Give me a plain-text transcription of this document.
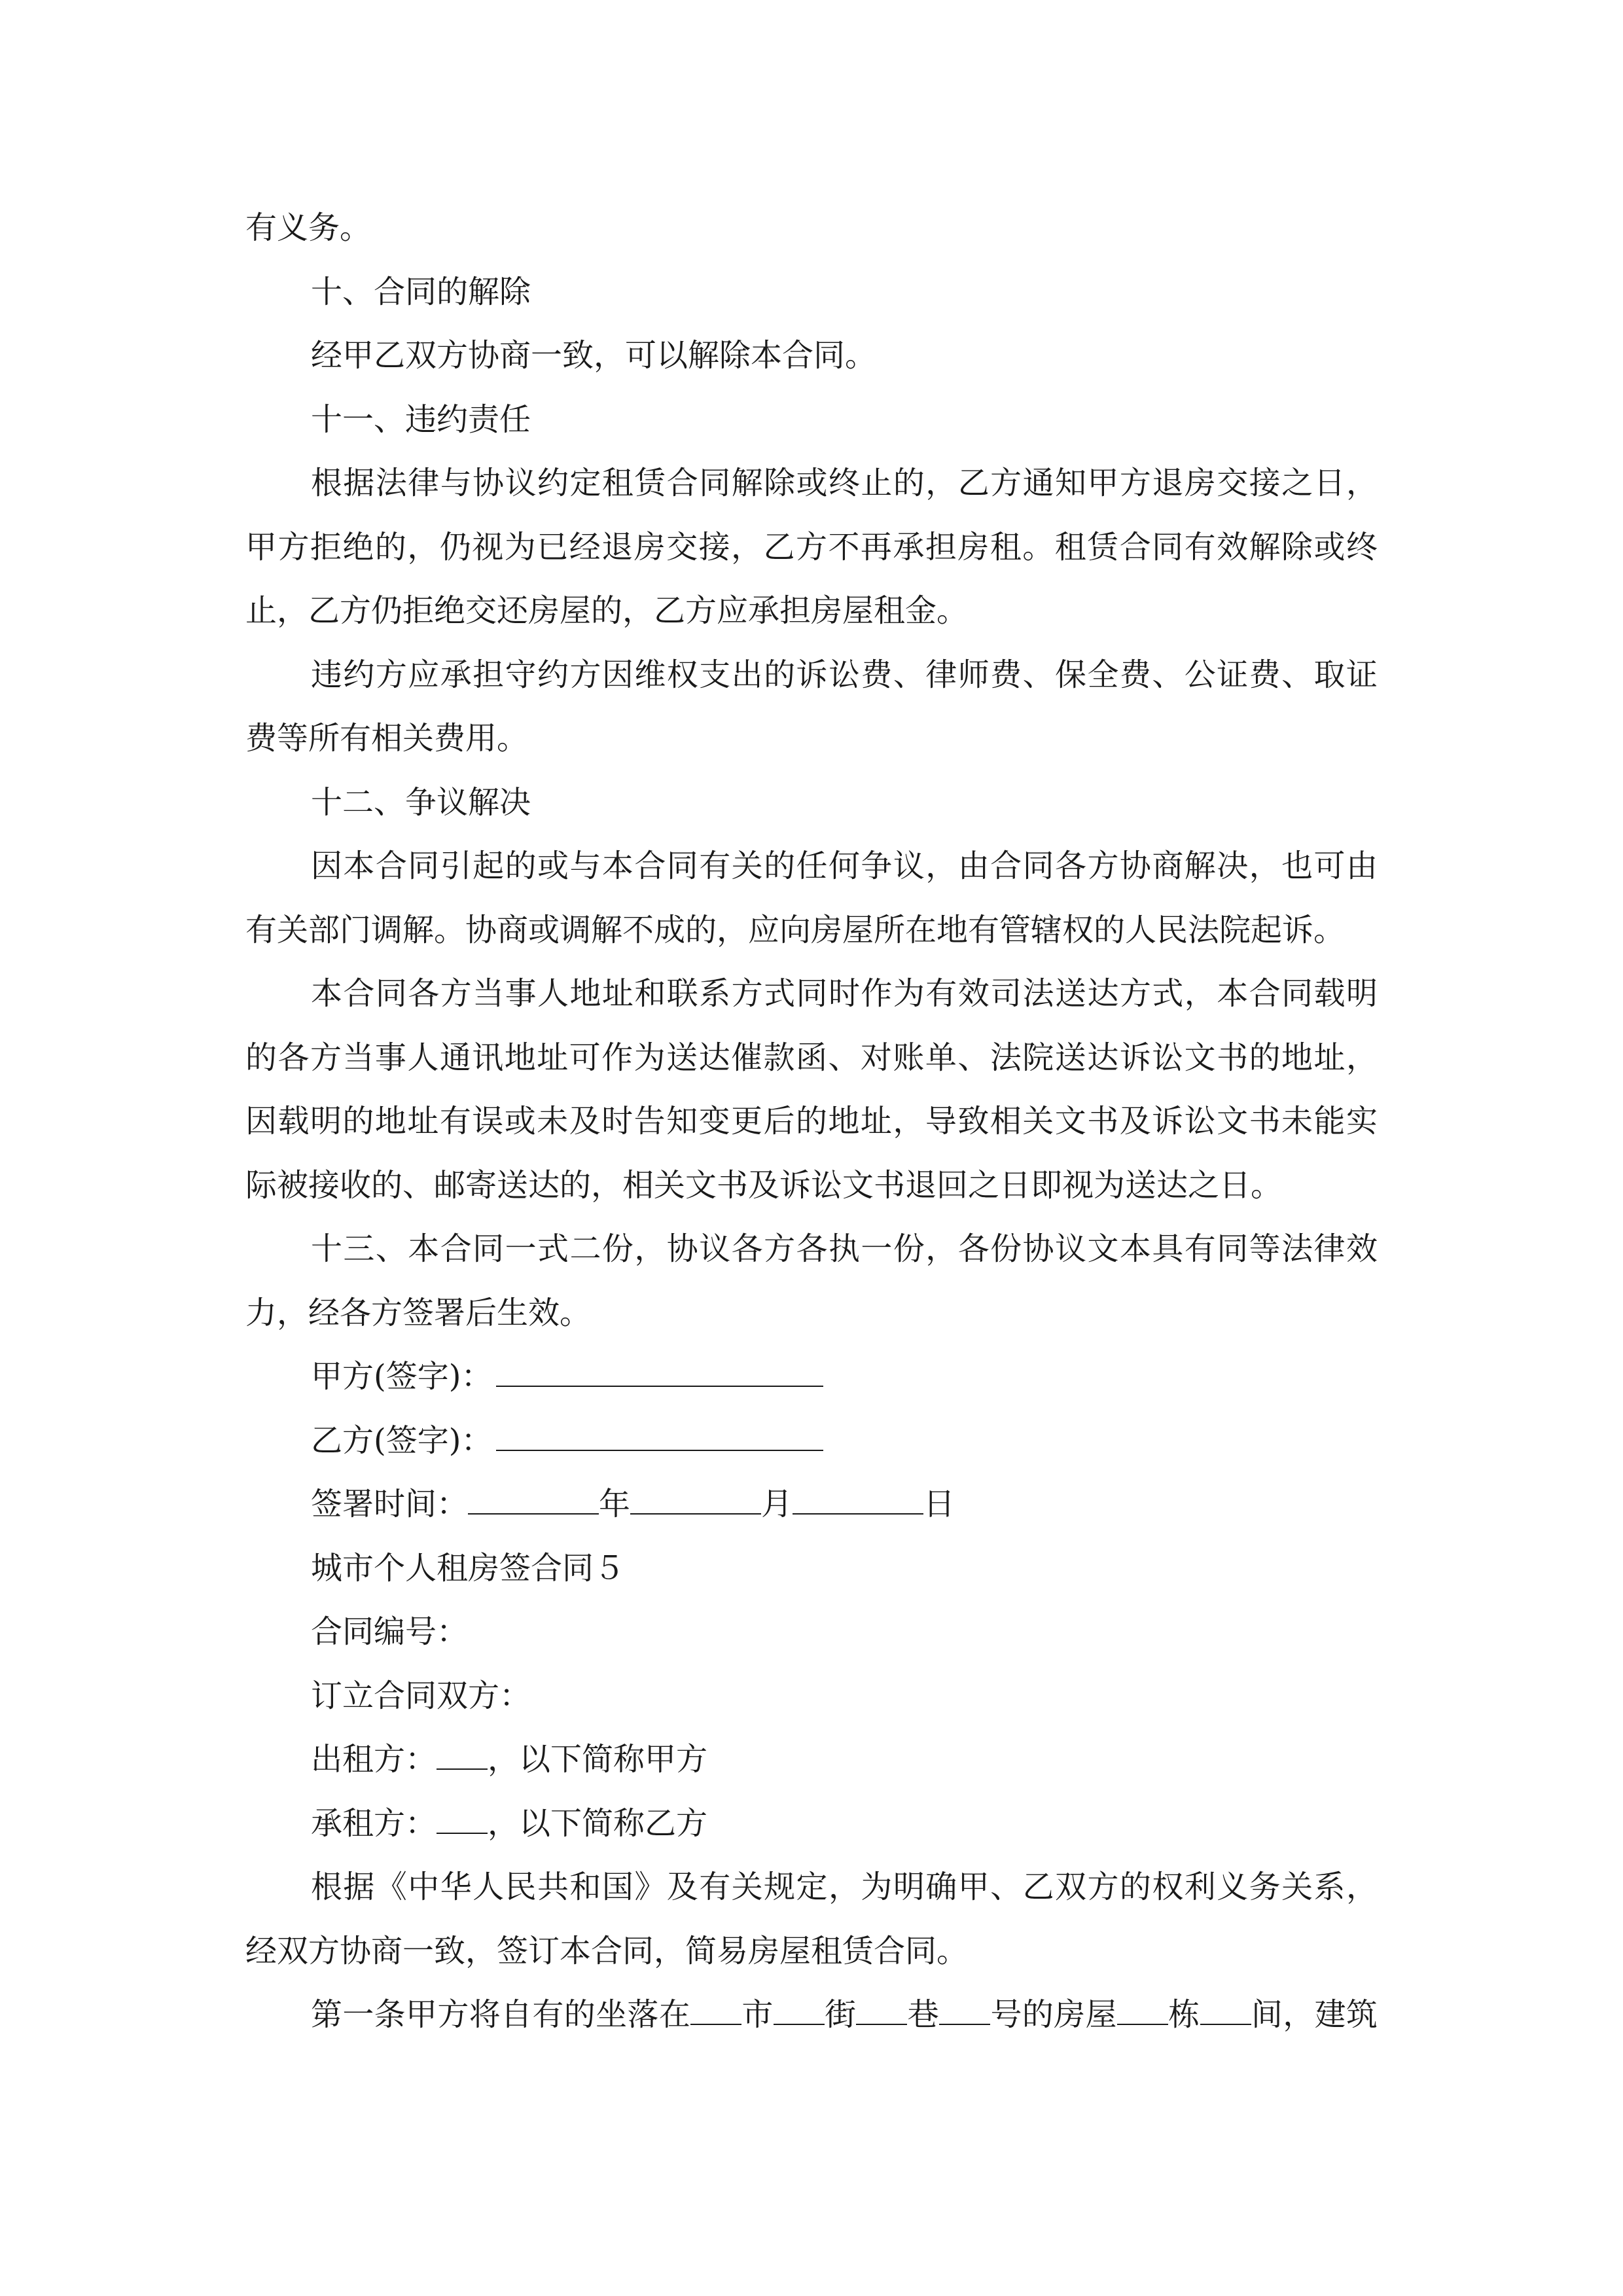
有义务。
十、合同的解除
经甲乙双方协商一致，可以解除本合同。
十一、违约责任
根据法律与协议约定租赁合同解除或终止的，乙方通知甲方退房交接之日，
甲方拒绝的，仍视为已经退房交接，乙方不再承担房租。租赁合同有效解除或终
止，乙方仍拒绝交还房屋的，乙方应承担房屋租金。
违约方应承担守约方因维权支出的诉讼费、律师费、保全费、公证费、取证
费等所有相关费用。
十二、争议解决
因本合同引起的或与本合同有关的任何争议，由合同各方协商解决，也可由
有关部门调解。协商或调解不成的，应向房屋所在地有管辖权的人民法院起诉。
本合同各方当事人地址和联系方式同时作为有效司法送达方式，本合同载明
的各方当事人通讯地址可作为送达催款函、对账单、法院送达诉讼文书的地址，
因载明的地址有误或未及时告知变更后的地址，导致相关文书及诉讼文书未能实
际被接收的、邮寄送达的，相关文书及诉讼文书退回之日即视为送达之日。
十三、本合同一式二份，协议各方各执一份，各份协议文本具有同等法律效
力，经各方签署后生效。
甲方(签字)：
乙方(签字)：
签署时间：	年	月	日
城市个人租房签合同５
合同编号：
订立合同双方：
出租方： ，以下简称甲方
承租方： ，以下简称乙方
根据《中华人民共和国》及有关规定，为明确甲、乙双方的权利义务关系，
经双方协商一致，签订本合同，简易房屋租赁合同。
第一条甲方将自有的坐落在 市 街 巷 号的房屋 栋 间，建筑
